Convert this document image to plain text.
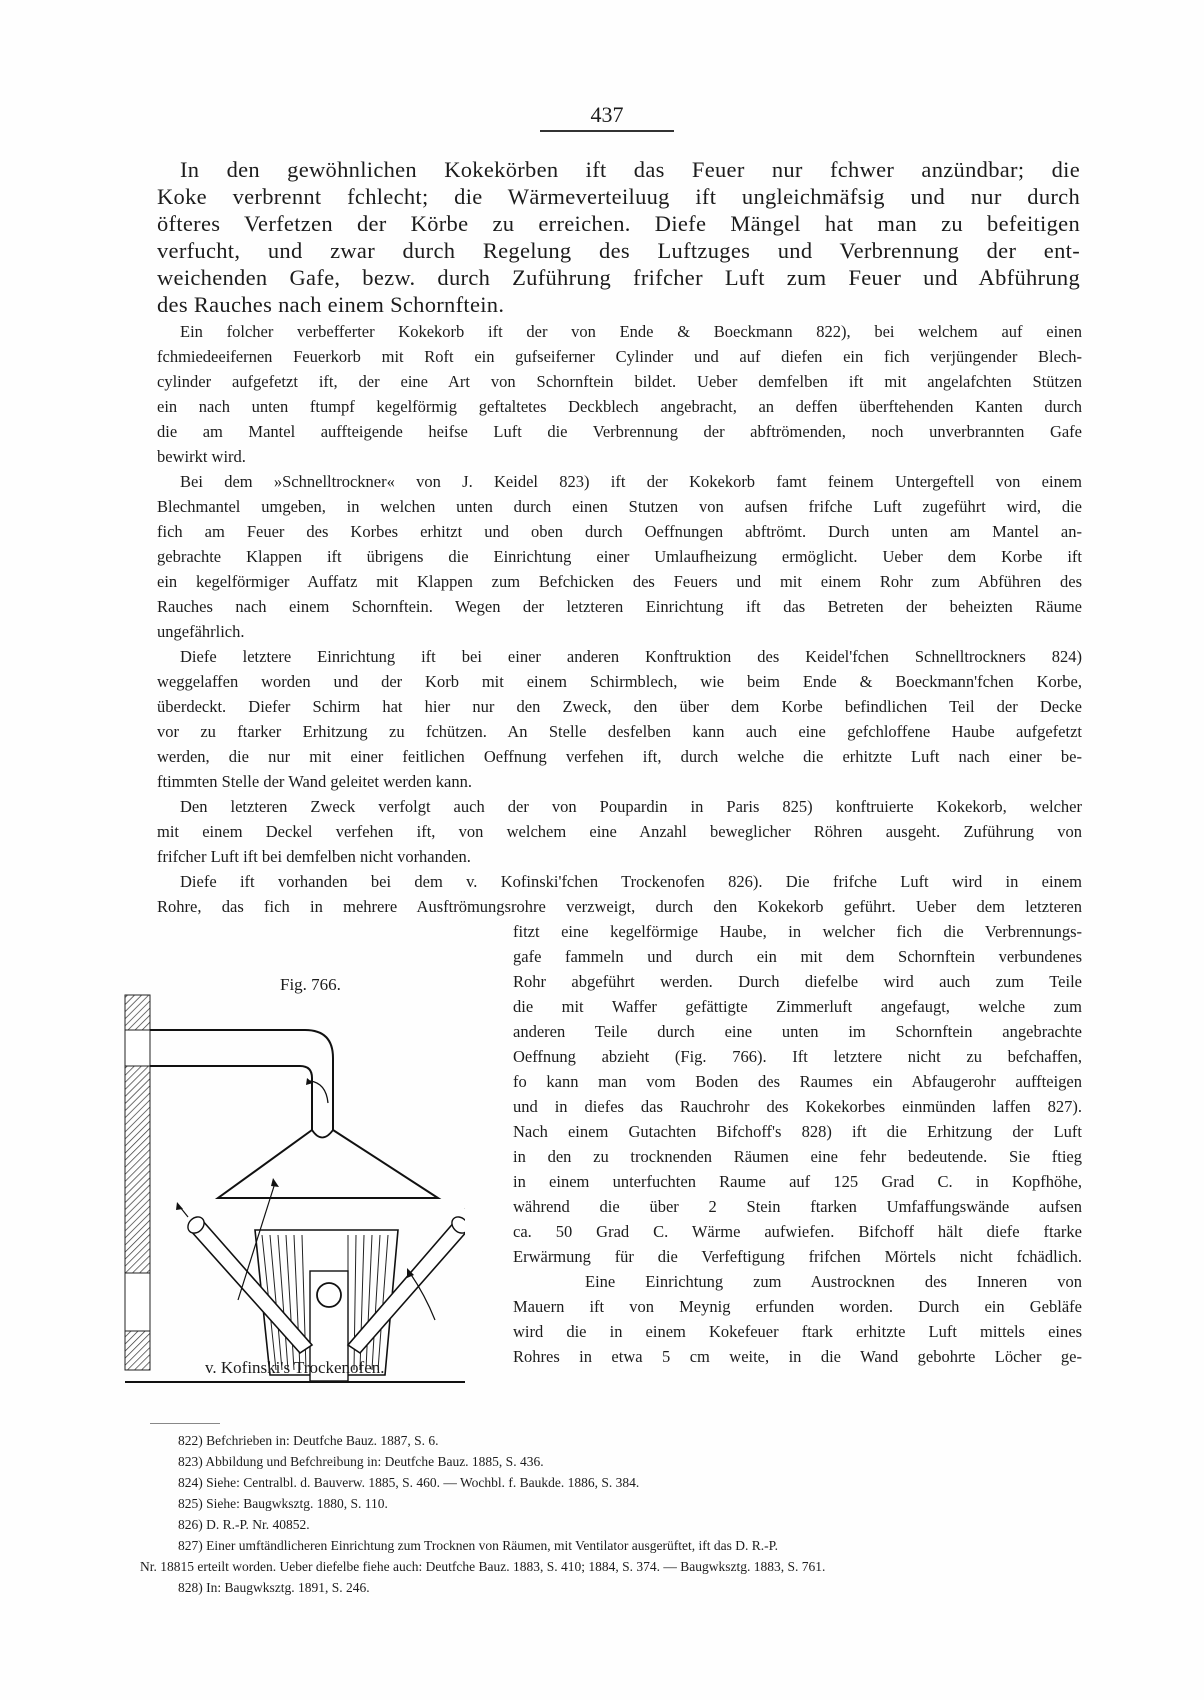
437
In den gewöhnlichen Kokekörben ift das Feuer nur fchwer anzündbar; die
Koke verbrennt fchlecht; die Wärmeverteiluug ift ungleichmäfsig und nur durch
öfteres Verfetzen der Körbe zu erreichen. Diefe Mängel hat man zu befeitigen
verfucht, und zwar durch Regelung des Luftzuges und Verbrennung der ent-
weichenden Gafe, bezw. durch Zuführung frifcher Luft zum Feuer und Abführung
des Rauches nach einem Schornftein.
Ein folcher verbefferter Kokekorb ift der von Ende & Boeckmann 822), bei welchem auf einen
fchmiedeeifernen Feuerkorb mit Roft ein gufseiferner Cylinder und auf diefen ein fich verjüngender Blech-
cylinder aufgefetzt ift, der eine Art von Schornftein bildet. Ueber demfelben ift mit angelafchten Stützen
ein nach unten ftumpf kegelförmig geftaltetes Deckblech angebracht, an deffen überftehenden Kanten durch
die am Mantel auffteigende heifse Luft die Verbrennung der abftrömenden, noch unverbrannten Gafe
bewirkt wird.
Bei dem »Schnelltrockner« von J. Keidel 823) ift der Kokekorb famt feinem Untergeftell von einem
Blechmantel umgeben, in welchen unten durch einen Stutzen von aufsen frifche Luft zugeführt wird, die
fich am Feuer des Korbes erhitzt und oben durch Oeffnungen abftrömt. Durch unten am Mantel an-
gebrachte Klappen ift übrigens die Einrichtung einer Umlaufheizung ermöglicht. Ueber dem Korbe ift
ein kegelförmiger Auffatz mit Klappen zum Befchicken des Feuers und mit einem Rohr zum Abführen des
Rauches nach einem Schornftein. Wegen der letzteren Einrichtung ift das Betreten der beheizten Räume
ungefährlich.
Diefe letztere Einrichtung ift bei einer anderen Konftruktion des Keidel'fchen Schnelltrockners 824)
weggelaffen worden und der Korb mit einem Schirmblech, wie beim Ende & Boeckmann'fchen Korbe,
überdeckt. Diefer Schirm hat hier nur den Zweck, den über dem Korbe befindlichen Teil der Decke
vor zu ftarker Erhitzung zu fchützen. An Stelle desfelben kann auch eine gefchloffene Haube aufgefetzt
werden, die nur mit einer feitlichen Oeffnung verfehen ift, durch welche die erhitzte Luft nach einer be-
ftimmten Stelle der Wand geleitet werden kann.
Den letzteren Zweck verfolgt auch der von Poupardin in Paris 825) konftruierte Kokekorb, welcher
mit einem Deckel verfehen ift, von welchem eine Anzahl beweglicher Röhren ausgeht. Zuführung von
frifcher Luft ift bei demfelben nicht vorhanden.
Diefe ift vorhanden bei dem v. Kofinski'fchen Trockenofen 826). Die frifche Luft wird in einem
Rohre, das fich in mehrere Ausftrömungsrohre verzweigt, durch den Kokekorb geführt. Ueber dem letzteren
fitzt eine kegelförmige Haube, in welcher fich die Verbrennungs-
gafe fammeln und durch ein mit dem Schornftein verbundenes
Rohr abgeführt werden. Durch diefelbe wird auch zum Teile
die mit Waffer gefättigte Zimmerluft angefaugt, welche zum
anderen Teile durch eine unten im Schornftein angebrachte
Oeffnung abzieht (Fig. 766). Ift letztere nicht zu befchaffen,
fo kann man vom Boden des Raumes ein Abfaugerohr auffteigen
und in diefes das Rauchrohr des Kokekorbes einmünden laffen 827).
Nach einem Gutachten Bifchoff's 828) ift die Erhitzung der Luft
in den zu trocknenden Räumen eine fehr bedeutende. Sie ftieg
in einem unterfuchten Raume auf 125 Grad C. in Kopfhöhe,
während die über 2 Stein ftarken Umfaffungswände aufsen
ca. 50 Grad C. Wärme aufwiefen. Bifchoff hält diefe ftarke
Erwärmung für die Verfeftigung frifchen Mörtels nicht fchädlich.
Eine Einrichtung zum Austrocknen des Inneren von
Mauern ift von Meynig erfunden worden. Durch ein Gebläfe
wird die in einem Kokefeuer ftark erhitzte Luft mittels eines
Rohres in etwa 5 cm weite, in die Wand gebohrte Löcher ge-
Fig. 766.
v. Kofinski's Trockenofen.
822) Befchrieben in: Deutfche Bauz. 1887, S. 6.
823) Abbildung und Befchreibung in: Deutfche Bauz. 1885, S. 436.
824) Siehe: Centralbl. d. Bauverw. 1885, S. 460. — Wochbl. f. Baukde. 1886, S. 384.
825) Siehe: Baugwksztg. 1880, S. 110.
826) D. R.-P. Nr. 40852.
827) Einer umftändlicheren Einrichtung zum Trocknen von Räumen, mit Ventilator ausgerüftet, ift das D. R.-P.
Nr. 18815 erteilt worden. Ueber diefelbe fiehe auch: Deutfche Bauz. 1883, S. 410; 1884, S. 374. — Baugwksztg. 1883, S. 761.
828) In: Baugwksztg. 1891, S. 246.
